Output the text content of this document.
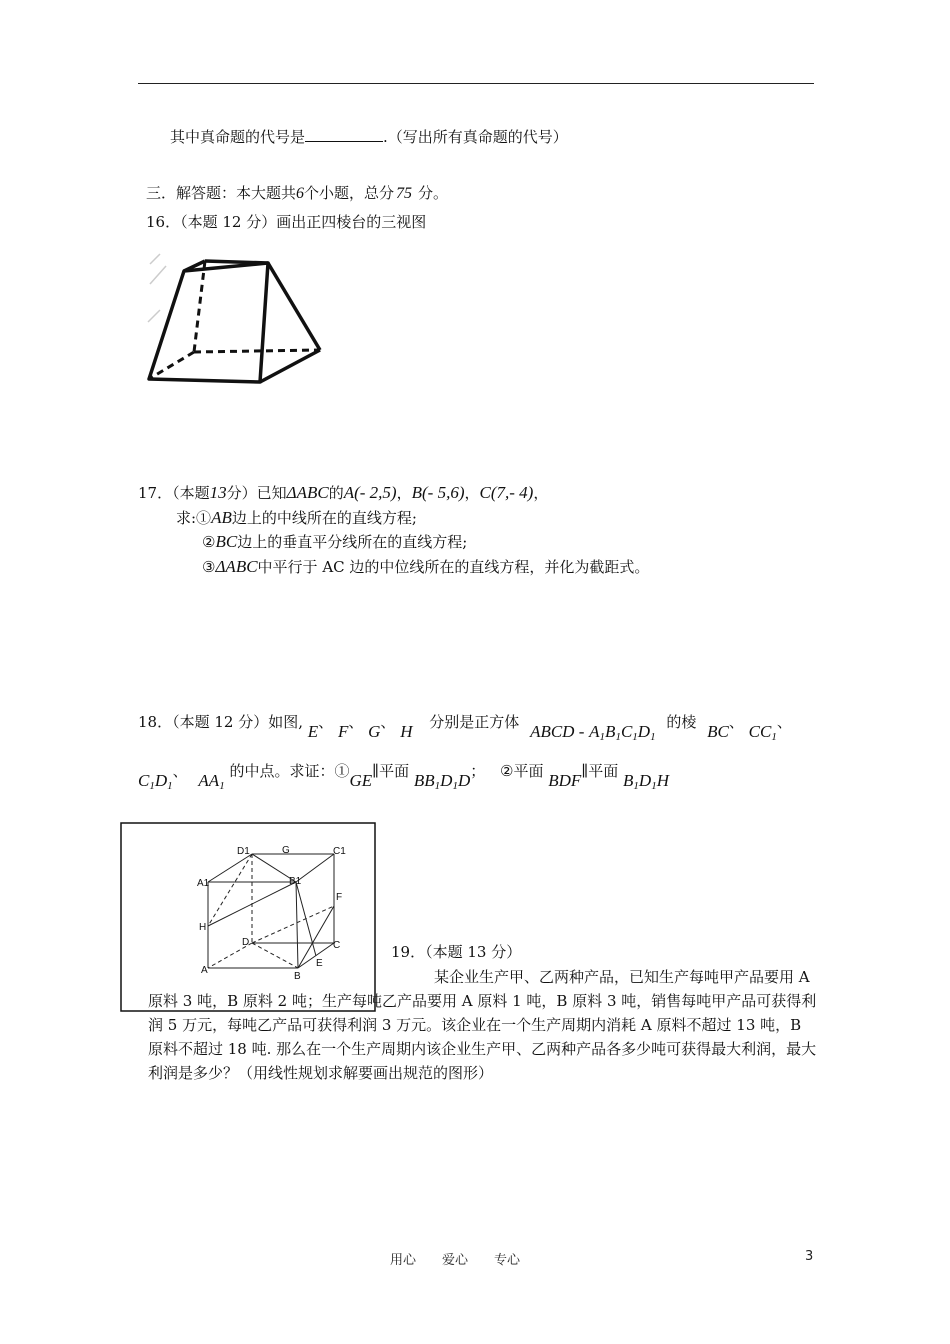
其中真命题的代号是	.（写出所有真命题的代号）
三．解答题：本大题共6个小题，总分 75 分。
16．（本题 12 分）画出正四棱台的三视图
17．（本题13分）已知ΔABC的A(- 2,5)，B(- 5,6)，C(7,- 4)，
求:①AB边上的中线所在的直线方程;
②BC边上的垂直平分线所在的直线方程;
③ΔABC中平行于 AC 边的中位线所在的直线方程，并化为截距式。
18．（本题 12 分）如图, E、 F、 G、 H 分别是正方体 ABCD - $A_1B_1C_1D_1$ 的棱 BC、 $CC_1$、
$C_1D_1$、 $AA_1$ 的中点。求证：①GE∥平面 $BB_1D_1D$； ②平面 BDF∥平面 $B_1D_1H$
D1	G	C1
A1	B1
F
H
D	C
E
A
B
19．（本题 13 分）
某企业生产甲、乙两种产品，已知生产每吨甲产品要用 A 原料 3 吨，B 原料 2 吨；生产每吨乙产品要用 A 原料 1 吨，B 原料 3 吨，销售每吨甲产品可获得利润 5 万元，每吨乙产品可获得利润 3 万元。该企业在一个生产周期内消耗 A 原料不超过 13 吨，B 原料不超过 18 吨. 那么在一个生产周期内该企业生产甲、乙两种产品各多少吨可获得最大利润，最大利润是多少？（用线性规划求解要画出规范的图形）
用心 爱心 专心	3
